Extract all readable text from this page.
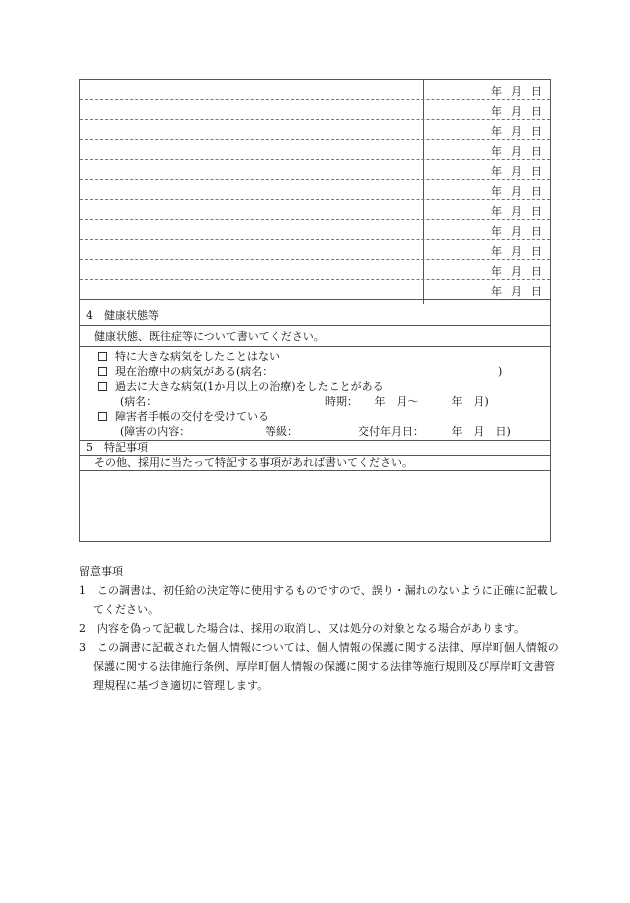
年 月 日
年 月 日
年 月 日
年 月 日
年 月 日
年 月 日
年 月 日
年 月 日
年 月 日
年 月 日
年 月 日
4　健康状態等
健康状態、既往症等について書いてください。
特に大きな病気をしたことはない
現在治療中の病気がある(病名：	)
過去に大きな病気(1か月以上の治療)をしたことがある
(病名：	時期：　　年　月～　　　年　月)
障害者手帳の交付を受けている
(障害の内容：	等級：	交付年月日：　　　年　月　日)
5　特記事項
その他、採用に当たって特記する事項があれば書いてください。
留意事項
1　この調書は、初任給の決定等に使用するものですので、誤り・漏れのないように正確に記載してください。
2　内容を偽って記載した場合は、採用の取消し、又は処分の対象となる場合があります。
3　この調書に記載された個人情報については、個人情報の保護に関する法律、厚岸町個人情報の保護に関する法律施行条例、厚岸町個人情報の保護に関する法律等施行規則及び厚岸町文書管理規程に基づき適切に管理します。
